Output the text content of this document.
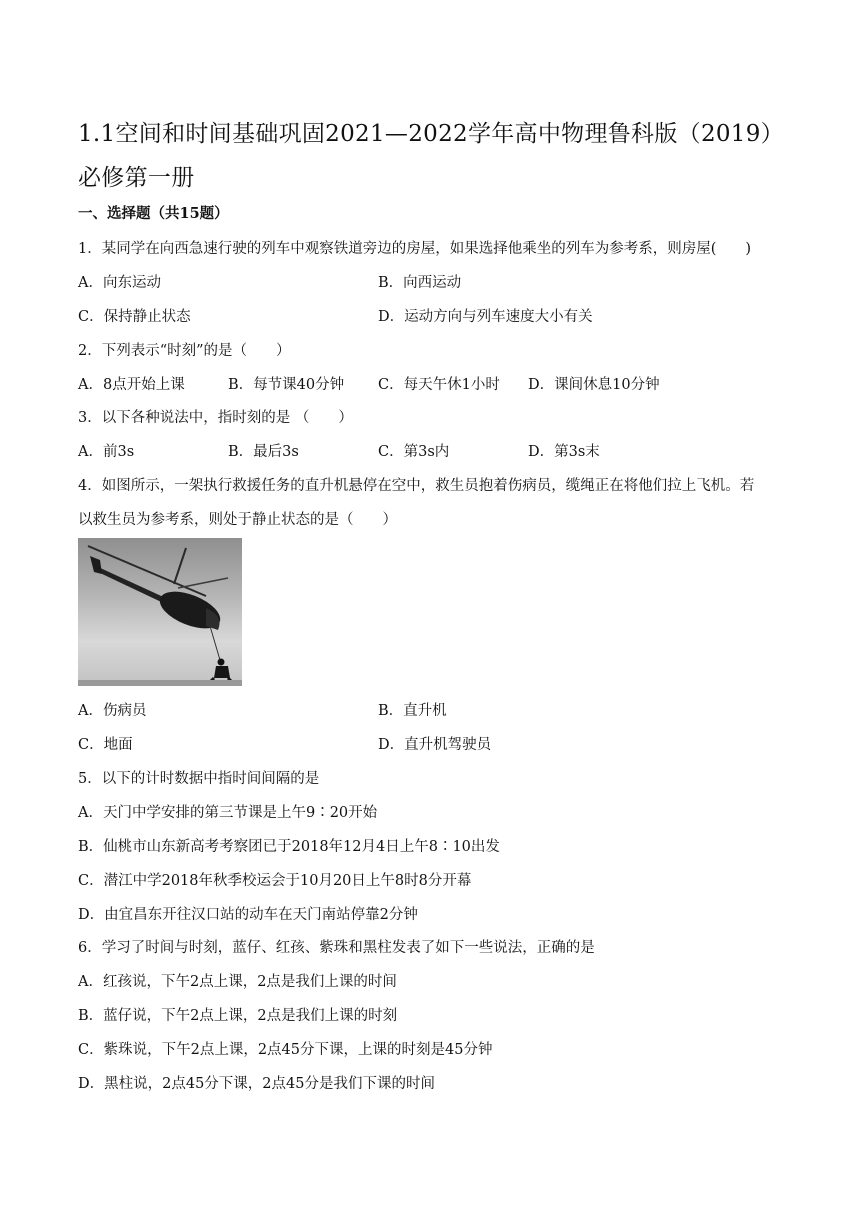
1.1空间和时间基础巩固2021—2022学年高中物理鲁科版（2019）必修第一册
一、选择题（共15题）
1．某同学在向西急速行驶的列车中观察铁道旁边的房屋，如果选择他乘坐的列车为参考系，则房屋(　　)
A．向东运动	B．向西运动
C．保持静止状态	D．运动方向与列车速度大小有关
2．下列表示“时刻”的是（　　）
A．8点开始上课	B．每节课40分钟 C．每天午休1小时 D．课间休息10分钟
3．以下各种说法中，指时刻的是 （　　）
A．前3s	B．最后3s	C．第3s内	D．第3s末
4．如图所示，一架执行救援任务的直升机悬停在空中，救生员抱着伤病员，缆绳正在将他们拉上飞机。若
以救生员为参考系，则处于静止状态的是（　　）
A．伤病员	B．直升机
C．地面	D．直升机驾驶员
5．以下的计时数据中指时间间隔的是
A．天门中学安排的第三节课是上午9∶20开始
B．仙桃市山东新高考考察团已于2018年12月4日上午8∶10出发
C．潜江中学2018年秋季校运会于10月20日上午8时8分开幕
D．由宜昌东开往汉口站的动车在天门南站停靠2分钟
6．学习了时间与时刻，蓝仔、红孩、紫珠和黑柱发表了如下一些说法，正确的是
A．红孩说，下午2点上课，2点是我们上课的时间
B．蓝仔说，下午2点上课，2点是我们上课的时刻
C．紫珠说，下午2点上课，2点45分下课，上课的时刻是45分钟
D．黑柱说，2点45分下课，2点45分是我们下课的时间
